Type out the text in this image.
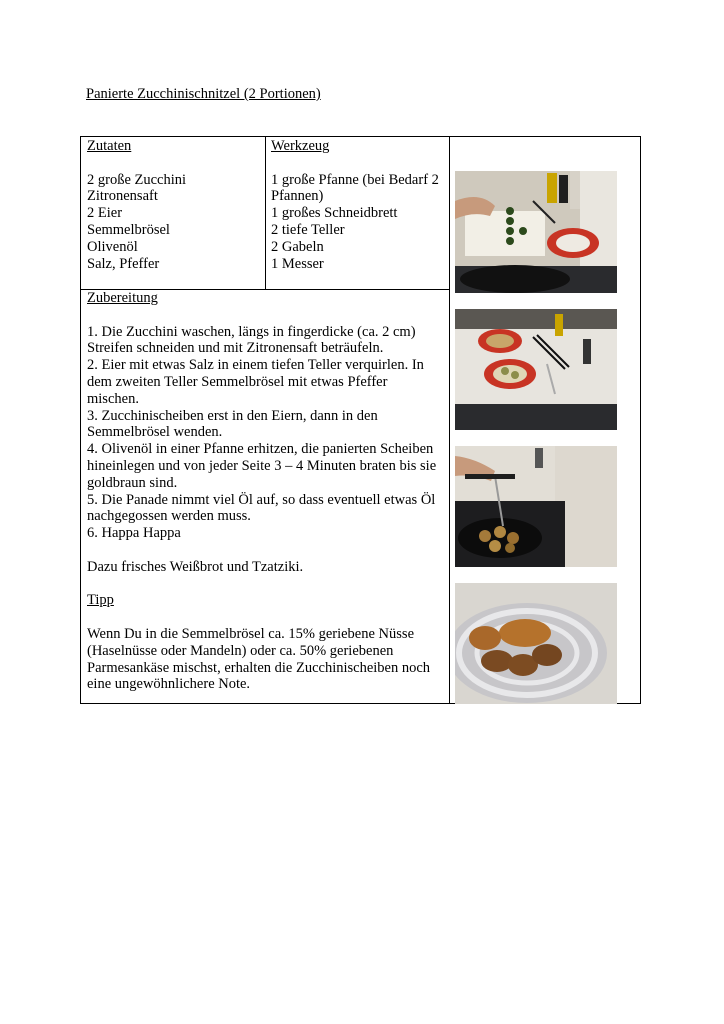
Panierte Zucchinischnitzel (2 Portionen)
Zutaten
2 große Zucchini
Zitronensaft
2 Eier
Semmelbrösel
Olivenöl
Salz, Pfeffer
Werkzeug
1 große Pfanne (bei Bedarf 2 Pfannen)
1 großes Schneidbrett
2 tiefe Teller
2 Gabeln
1 Messer
Zubereitung
1. Die Zucchini waschen, längs in fingerdicke (ca. 2 cm) Streifen schneiden und mit Zitronensaft beträufeln.
2. Eier mit etwas Salz in einem tiefen Teller verquirlen. In dem zweiten Teller Semmelbrösel mit etwas Pfeffer mischen.
3. Zucchinischeiben erst in den Eiern, dann in den Semmelbrösel wenden.
4. Olivenöl in einer Pfanne erhitzen, die panierten Scheiben hineinlegen und von jeder Seite 3 – 4 Minuten braten bis sie goldbraun sind.
5. Die Panade nimmt viel Öl auf, so dass eventuell etwas Öl nachgegossen werden muss.
6. Happa Happa
Dazu frisches Weißbrot und Tzatziki.
Tipp
Wenn Du in die Semmelbrösel ca. 15% geriebene Nüsse (Haselnüsse oder Mandeln) oder ca. 50% geriebenen Parmesankäse mischst, erhalten die Zucchinischeiben noch eine ungewöhnlichere Note.
